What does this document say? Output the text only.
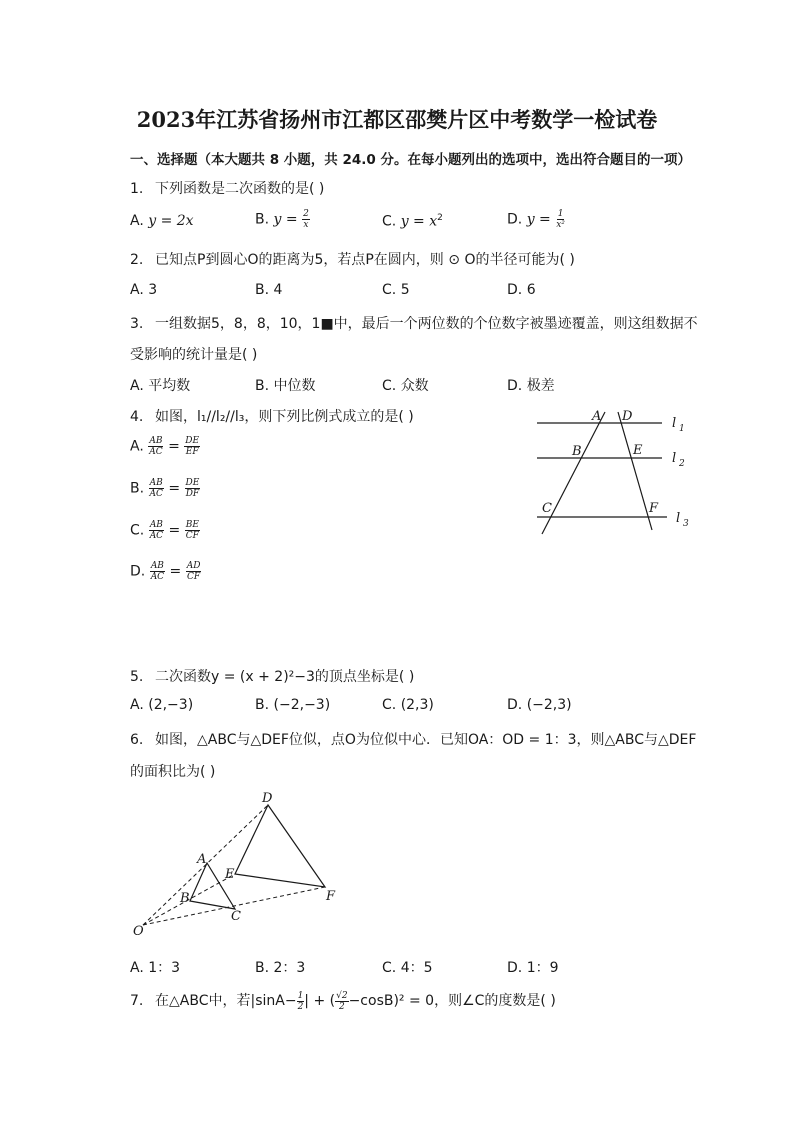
2023年江苏省扬州市江都区邵樊片区中考数学一检试卷
一、选择题（本大题共 8 小题，共 24.0 分。在每小题列出的选项中，选出符合题目的一项）
1. 下列函数是二次函数的是( )
A. y = 2x	B. $y = \frac{2}{x}$	C. $y = x^2$	D. $y = \frac{1}{\text{x²}}$
2. 已知点P到圆心O的距离为5，若点P在圆内，则 ⊙ O的半径可能为( )
A. 3	B. 4	C. 5	D. 6
3. 一组数据5，8，8，10，1■中，最后一个两位数的个位数字被墨迹覆盖，则这组数据不
受影响的统计量是( )
A. 平均数	B. 中位数	C. 众数	D. 极差
4. 如图，l₁//l₂//l₃，则下列比例式成立的是( )
A. $\frac{AB}{AC} = \frac{DE}{EF}$
B. $\frac{AB}{AC} = \frac{DE}{DF}$
C. $\frac{AB}{AC} = \frac{BE}{CF}$
D. $\frac{AB}{AC} = \frac{AD}{CF}$
A D
B	E
C	F
l 1
l 2
l 3
5. 二次函数y = (x + 2)²−3的顶点坐标是( )
A. (2,−3)	B. (−2,−3)	C. (2,3)	D. (−2,3)
6. 如图，△ABC与△DEF位似，点O为位似中心．已知OA：OD = 1：3，则△ABC与△DEF
的面积比为( )
D
A
E
B
C
F
O
A. 1：3	B. 2：3	C. 4：5	D. 1：9
7. 在△ABC中，若$|\sin A- \frac{1}{2}$ | + ( $\frac{√2}{2} -\cos B)^2 = 0$，则∠C的度数是( )
